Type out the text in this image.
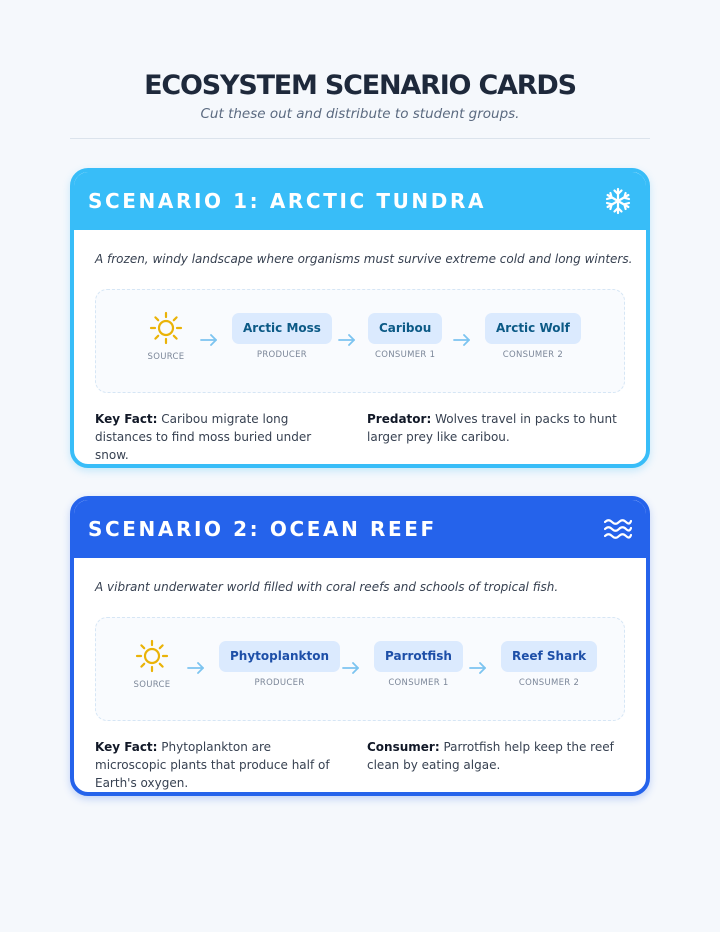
ECOSYSTEM SCENARIO CARDS
Cut these out and distribute to student groups.
SCENARIO 1: ARCTIC TUNDRA
A frozen, windy landscape where organisms must survive extreme cold and long winters.
SOURCE
Arctic Moss
PRODUCER
Caribou
CONSUMER 1
Arctic Wolf
CONSUMER 2
Key Fact: Caribou migrate long distances to find moss buried under snow.
Predator: Wolves travel in packs to hunt larger prey like caribou.
SCENARIO 2: OCEAN REEF
A vibrant underwater world filled with coral reefs and schools of tropical fish.
SOURCE
Phytoplankton
PRODUCER
Parrotfish
CONSUMER 1
Reef Shark
CONSUMER 2
Key Fact: Phytoplankton are microscopic plants that produce half of Earth's oxygen.
Consumer: Parrotfish help keep the reef clean by eating algae.
